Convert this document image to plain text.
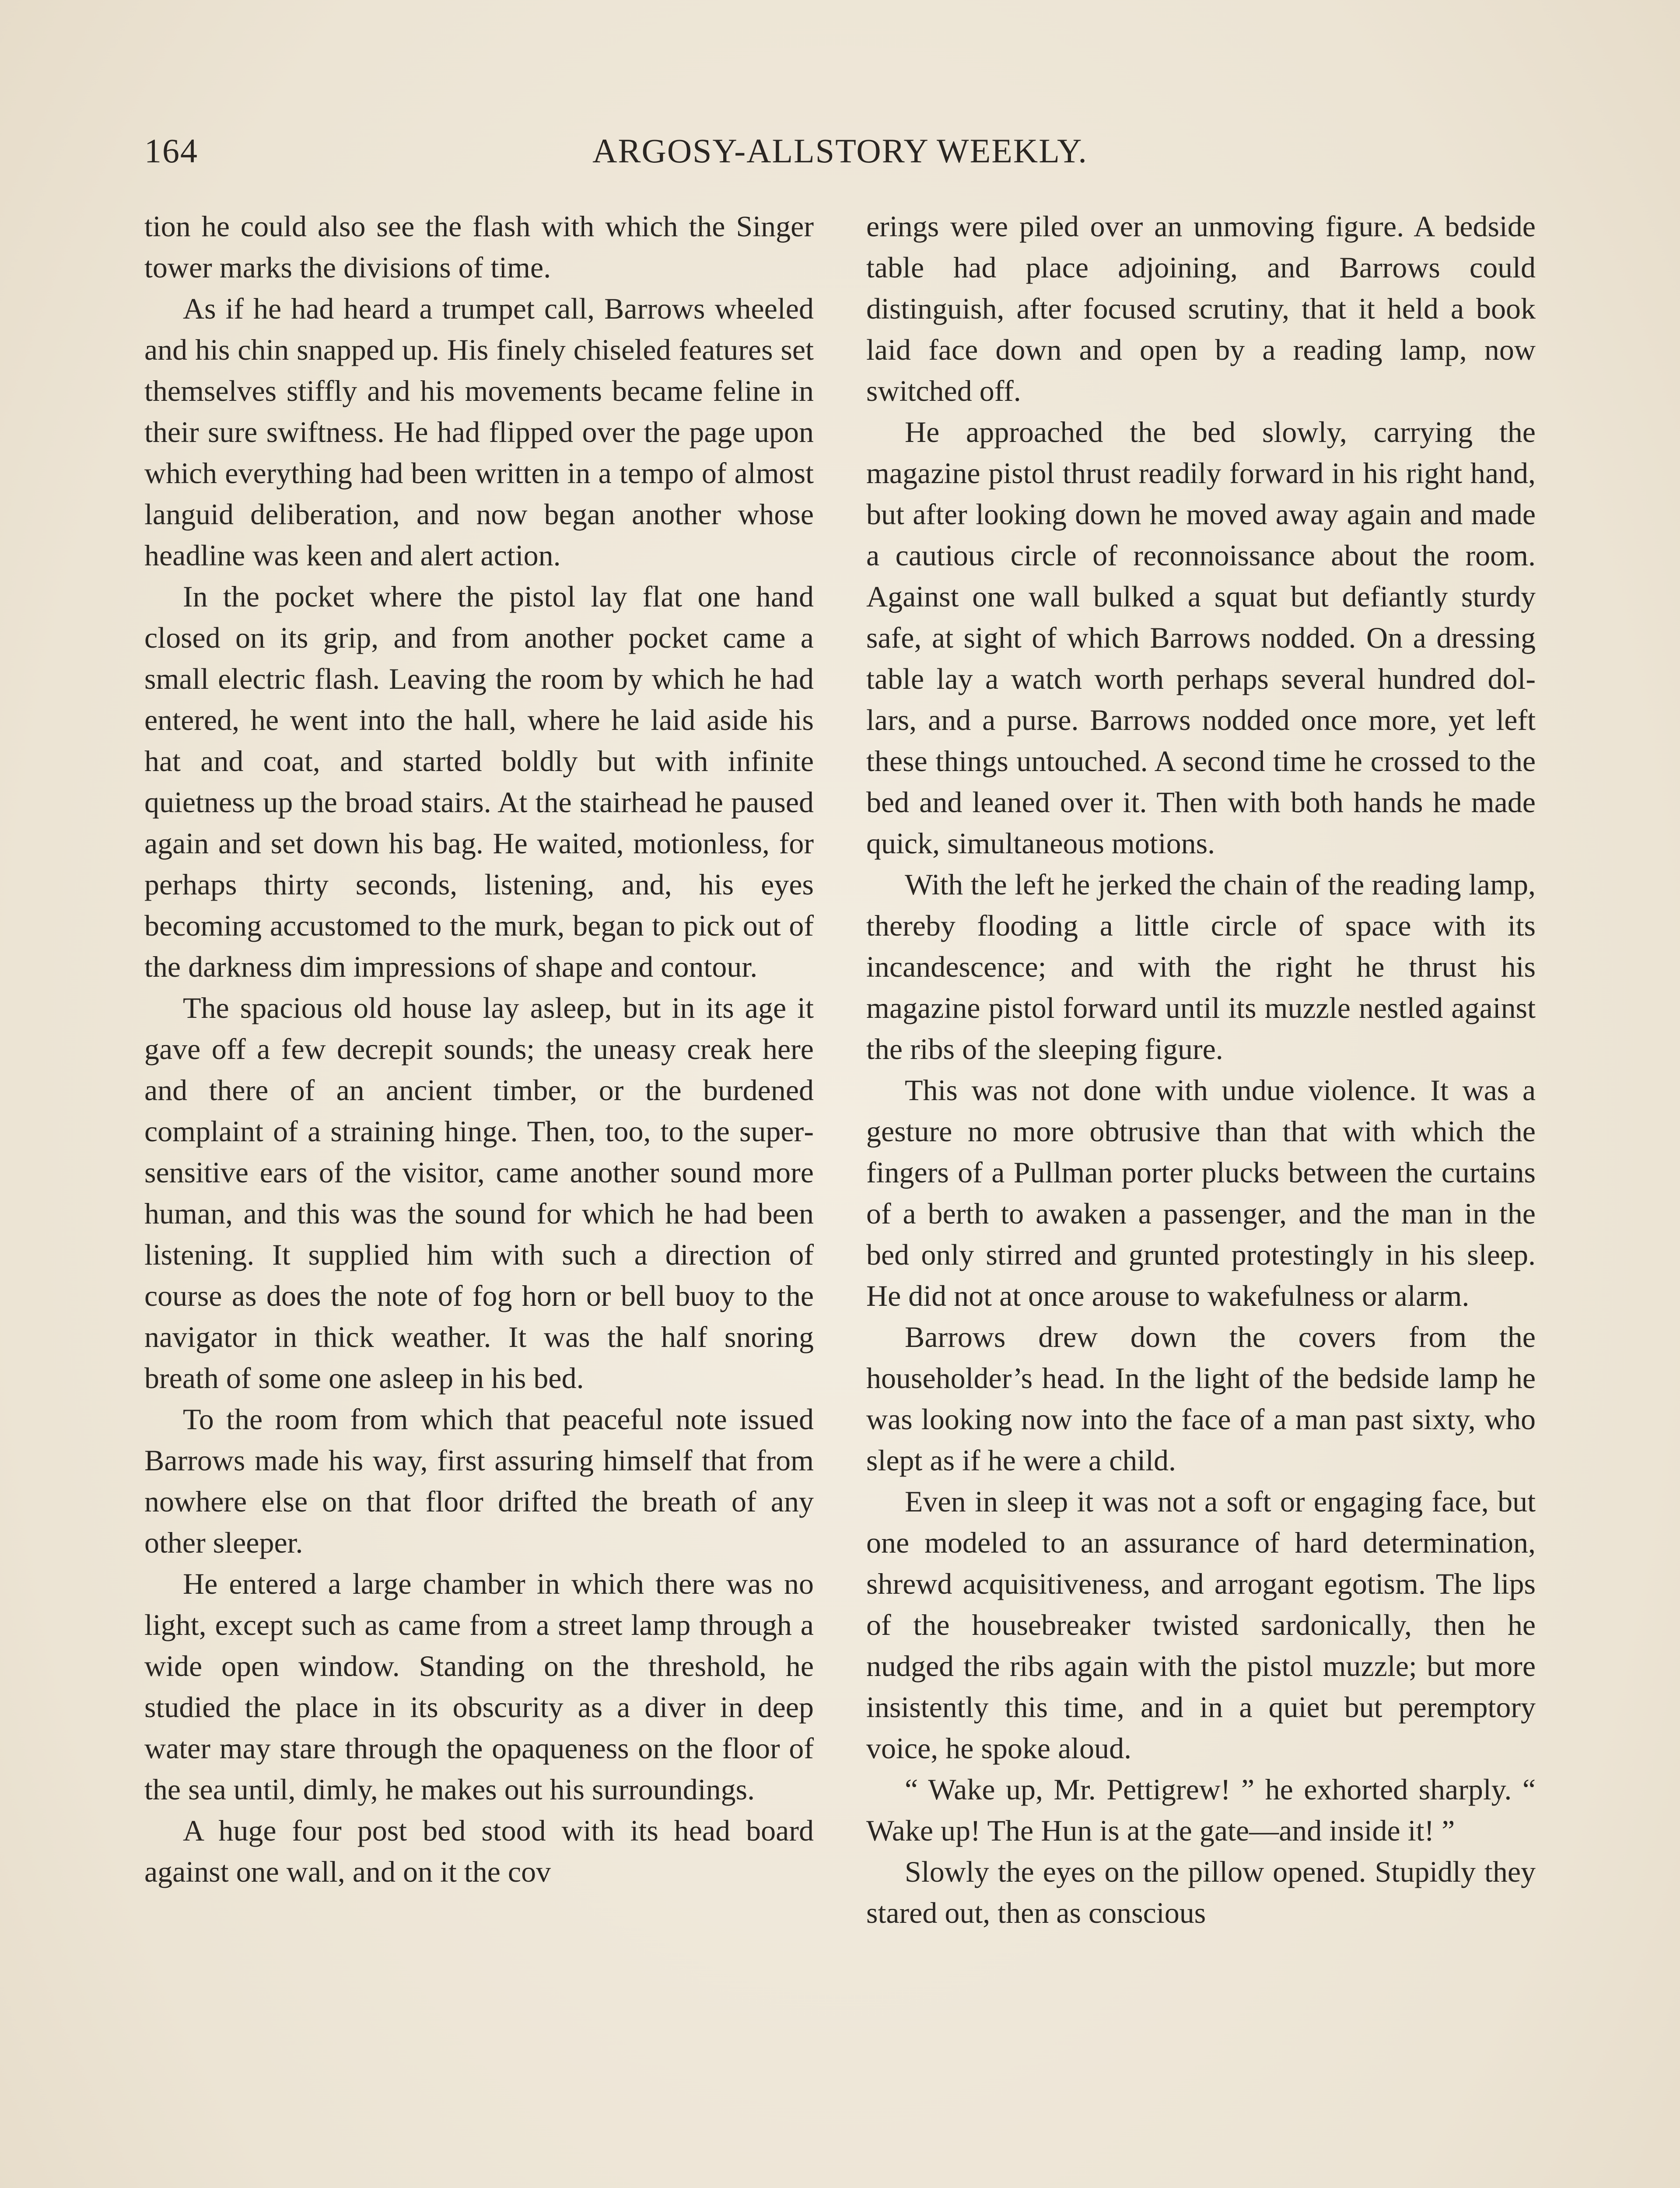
164	ARGOSY-ALLSTORY WEEKLY.

tion he could also see the flash with which the Singer tower marks the divisions of time.

As if he had heard a trumpet call, Barrows wheeled and his chin snapped up. His finely chiseled features set themselves stiffly and his movements became feline in their sure swiftness. He had flipped over the page upon which everything had been written in a tempo of almost languid deliberation, and now began another whose headline was keen and alert action.

In the pocket where the pistol lay flat one hand closed on its grip, and from another pocket came a small electric flash. Leaving the room by which he had entered, he went into the hall, where he laid aside his hat and coat, and started boldly but with infinite quietness up the broad stairs. At the stairhead he paused again and set down his bag. He waited, motionless, for perhaps thirty seconds, listening, and, his eyes becoming accustomed to the murk, began to pick out of the darkness dim impressions of shape and contour.

The spacious old house lay asleep, but in its age it gave off a few decrepit sounds; the uneasy creak here and there of an ancient timber, or the burdened complaint of a straining hinge. Then, too, to the supersensitive ears of the visitor, came another sound more human, and this was the sound for which he had been listening. It supplied him with such a direction of course as does the note of fog horn or bell buoy to the navigator in thick weather. It was the half snoring breath of some one asleep in his bed.

To the room from which that peaceful note issued Barrows made his way, first assuring himself that from nowhere else on that floor drifted the breath of any other sleeper.

He entered a large chamber in which there was no light, except such as came from a street lamp through a wide open window. Standing on the threshold, he studied the place in its obscurity as a diver in deep water may stare through the opaqueness on the floor of the sea until, dimly, he makes out his surroundings.

A huge four post bed stood with its head board against one wall, and on it the cov

erings were piled over an unmoving figure. A bedside table had place adjoining, and Barrows could distinguish, after focused scrutiny, that it held a book laid face down and open by a reading lamp, now switched off.

He approached the bed slowly, carrying the magazine pistol thrust readily forward in his right hand, but after looking down he moved away again and made a cautious circle of reconnoissance about the room. Against one wall bulked a squat but defiantly sturdy safe, at sight of which Barrows nodded. On a dressing table lay a watch worth perhaps several hundred dollars, and a purse. Barrows nodded once more, yet left these things untouched. A second time he crossed to the bed and leaned over it. Then with both hands he made quick, simultaneous motions.

With the left he jerked the chain of the reading lamp, thereby flooding a little circle of space with its incandescence; and with the right he thrust his magazine pistol forward until its muzzle nestled against the ribs of the sleeping figure.

This was not done with undue violence. It was a gesture no more obtrusive than that with which the fingers of a Pullman porter plucks between the curtains of a berth to awaken a passenger, and the man in the bed only stirred and grunted protestingly in his sleep. He did not at once arouse to wakefulness or alarm.

Barrows drew down the covers from the householder’s head. In the light of the bedside lamp he was looking now into the face of a man past sixty, who slept as if he were a child.

Even in sleep it was not a soft or engaging face, but one modeled to an assurance of hard determination, shrewd acquisitiveness, and arrogant egotism. The lips of the housebreaker twisted sardonically, then he nudged the ribs again with the pistol muzzle; but more insistently this time, and in a quiet but peremptory voice, he spoke aloud.

“ Wake up, Mr. Pettigrew! ” he exhorted sharply. “ Wake up! The Hun is at the gate—and inside it! ”

Slowly the eyes on the pillow opened. Stupidly they stared out, then as conscious
